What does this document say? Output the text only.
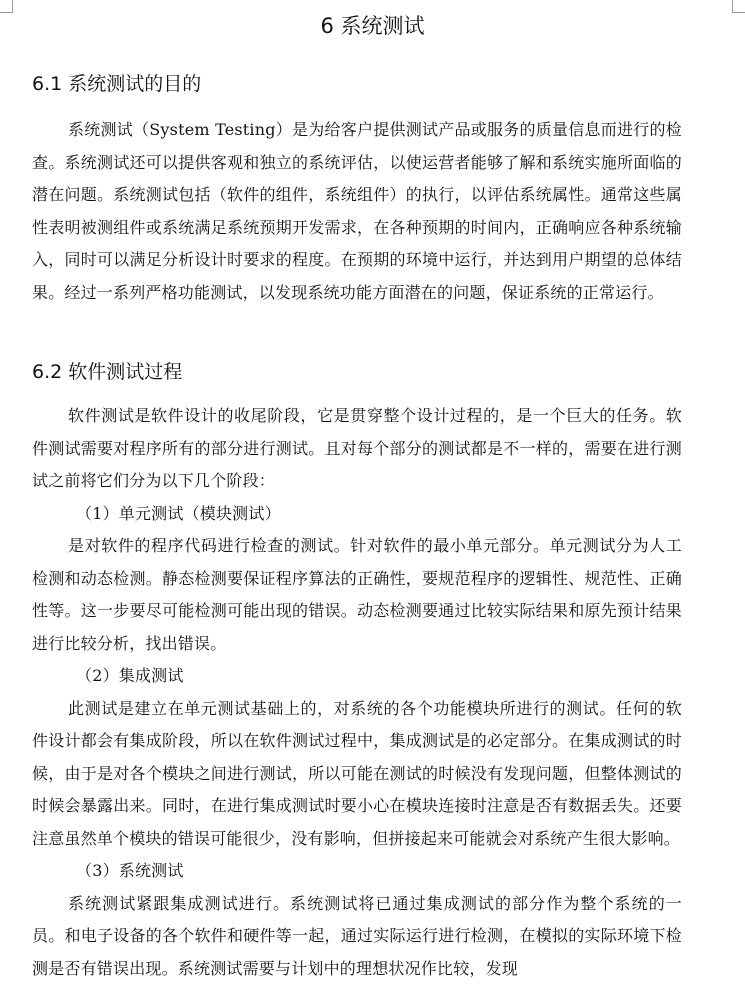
6 系统测试
6.1 系统测试的目的

系统测试（System Testing）是为给客户提供测试产品或服务的质量信息而进行的检查。系统测试还可以提供客观和独立的系统评估，以使运营者能够了解和系统实施所面临的潜在问题。系统测试包括（软件的组件，系统组件）的执行，以评估系统属性。通常这些属性表明被测组件或系统满足系统预期开发需求，在各种预期的时间内，正确响应各种系统输入，同时可以满足分析设计时要求的程度。在预期的环境中运行，并达到用户期望的总体结果。经过一系列严格功能测试，以发现系统功能方面潜在的问题，保证系统的正常运行。

6.2 软件测试过程

软件测试是软件设计的收尾阶段，它是贯穿整个设计过程的，是一个巨大的任务。软件测试需要对程序所有的部分进行测试。且对每个部分的测试都是不一样的，需要在进行测试之前将它们分为以下几个阶段：

（1）单元测试（模块测试）

是对软件的程序代码进行检查的测试。针对软件的最小单元部分。单元测试分为人工检测和动态检测。静态检测要保证程序算法的正确性，要规范程序的逻辑性、规范性、正确性等。这一步要尽可能检测可能出现的错误。动态检测要通过比较实际结果和原先预计结果进行比较分析，找出错误。

（2）集成测试

此测试是建立在单元测试基础上的，对系统的各个功能模块所进行的测试。任何的软件设计都会有集成阶段，所以在软件测试过程中，集成测试是的必定部分。在集成测试的时候，由于是对各个模块之间进行测试，所以可能在测试的时候没有发现问题，但整体测试的时候会暴露出来。同时，在进行集成测试时要小心在模块连接时注意是否有数据丢失。还要注意虽然单个模块的错误可能很少，没有影响，但拼接起来可能就会对系统产生很大影响。

（3）系统测试

系统测试紧跟集成测试进行。系统测试将已通过集成测试的部分作为整个系统的一员。和电子设备的各个软件和硬件等一起，通过实际运行进行检测，在模拟的实际环境下检测是否有错误出现。系统测试需要与计划中的理想状况作比较，发现
